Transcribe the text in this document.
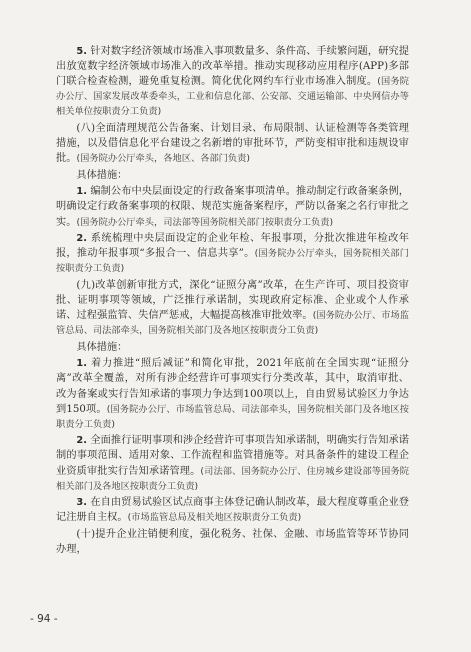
5. 针对数字经济领域市场准入事项数量多、条件高、手续繁问题，研究提出放宽数字经济领域市场准入的改革举措。推动实现移动应用程序(APP)多部门联合检查检测，避免重复检测。简化优化网约车行业市场准入制度。(国务院办公厅、国家发展改革委牵头，工业和信息化部、公安部、交通运输部、中央网信办等相关单位按职责分工负责)
(八)全面清理规范公告备案、计划目录、布局限制、认证检测等各类管理措施，以及借信息化平台建设之名新增的审批环节，严防变相审批和违规设审批。(国务院办公厅牵头，各地区、各部门负责)
具体措施：
1. 编制公布中央层面设定的行政备案事项清单。推动制定行政备案条例，明确设定行政备案事项的权限、规范实施备案程序，严防以备案之名行审批之实。(国务院办公厅牵头，司法部等国务院相关部门按职责分工负责)
2. 系统梳理中央层面设定的企业年检、年报事项，分批次推进年检改年报，推动年报事项“多报合一、信息共享”。(国务院办公厅牵头，国务院相关部门按职责分工负责)
(九)改革创新审批方式，深化“证照分离”改革，在生产许可、项目投资审批、证明事项等领域，广泛推行承诺制，实现政府定标准、企业或个人作承诺、过程强监管、失信严惩戒，大幅提高核准审批效率。(国务院办公厅、市场监管总局、司法部牵头，国务院相关部门及各地区按职责分工负责)
具体措施：
1. 着力推进“照后减证”和简化审批，2021年底前在全国实现“证照分离”改革全覆盖，对所有涉企经营许可事项实行分类改革，其中，取消审批、改为备案或实行告知承诺的事项力争达到100项以上，自由贸易试验区力争达到150项。(国务院办公厅、市场监管总局、司法部牵头，国务院相关部门及各地区按职责分工负责)
2. 全面推行证明事项和涉企经营许可事项告知承诺制，明确实行告知承诺制的事项范围、适用对象、工作流程和监管措施等。对具备条件的建设工程企业资质审批实行告知承诺管理。(司法部、国务院办公厅、住房城乡建设部等国务院相关部门及各地区按职责分工负责)
3. 在自由贸易试验区试点商事主体登记确认制改革，最大程度尊重企业登记注册自主权。(市场监管总局及相关地区按职责分工负责)
(十)提升企业注销便利度，强化税务、社保、金融、市场监管等环节协同办理，
- 94 -
